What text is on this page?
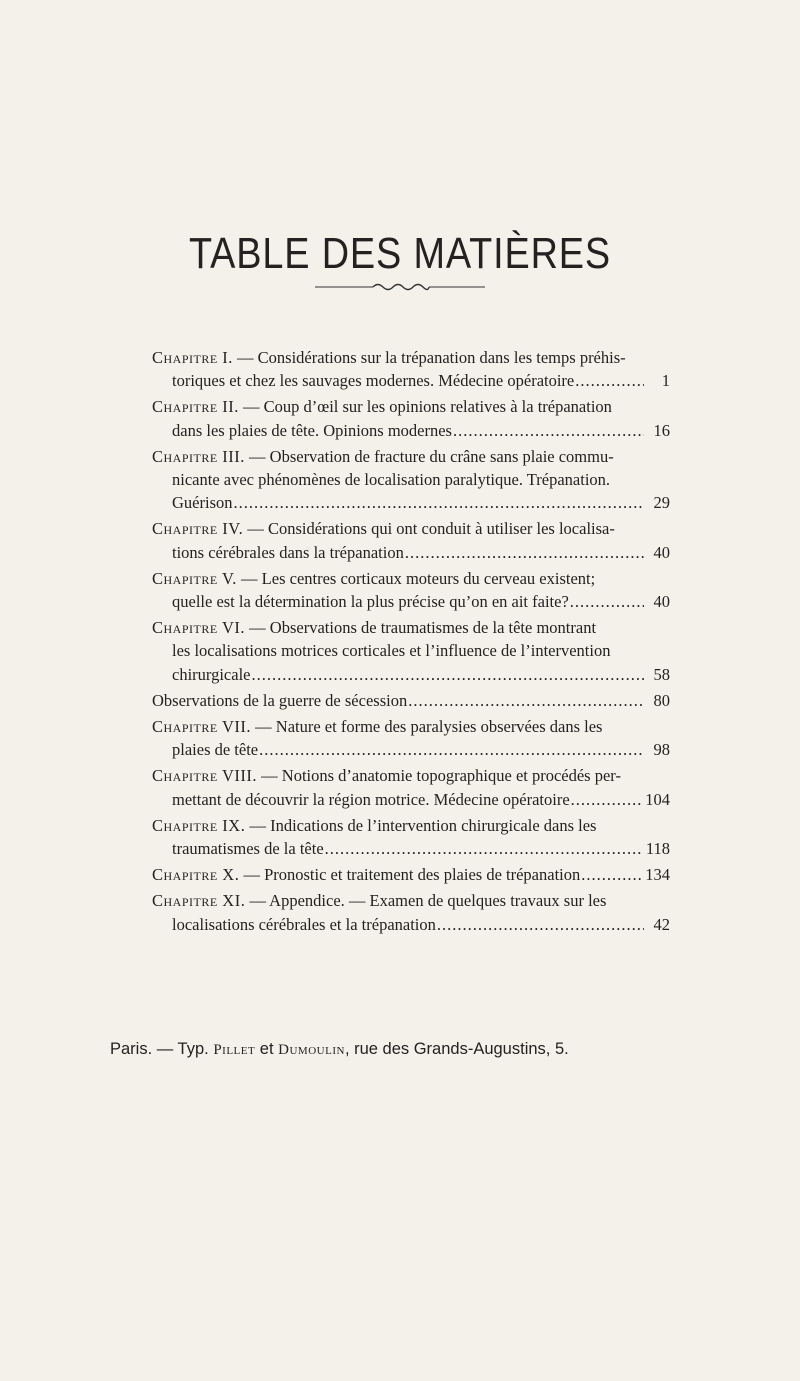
TABLE DES MATIÈRES
Chapitre I. — Considérations sur la trépanation dans les temps préhis-
toriques et chez les sauvages modernes. Médecine opératoire .....	1
Chapitre II. — Coup d’œil sur les opinions relatives à la trépanation
dans les plaies de tête. Opinions modernes .....	16
Chapitre III. — Observation de fracture du crâne sans plaie commu-
nicante avec phénomènes de localisation paralytique. Trépanation.
Guérison .....	29
Chapitre IV. — Considérations qui ont conduit à utiliser les localisa-
tions cérébrales dans la trépanation .....	40
Chapitre V. — Les centres corticaux moteurs du cerveau existent;
quelle est la détermination la plus précise qu’on en ait faite? .....	40
Chapitre VI. — Observations de traumatismes de la tête montrant
les localisations motrices corticales et l’influence de l’intervention
chirurgicale .....	58
Observations de la guerre de sécession .....	80
Chapitre VII. — Nature et forme des paralysies observées dans les
plaies de tête .....	98
Chapitre VIII. — Notions d’anatomie topographique et procédés per-
mettant de découvrir la région motrice. Médecine opératoire .....	104
Chapitre IX. — Indications de l’intervention chirurgicale dans les
traumatismes de la tête .....	118
Chapitre X. — Pronostic et traitement des plaies de trépanation .....	134
Chapitre XI. — Appendice. — Examen de quelques travaux sur les
localisations cérébrales et la trépanation .....	42
Paris. — Typ. Pillet et Dumoulin, rue des Grands-Augustins, 5.
